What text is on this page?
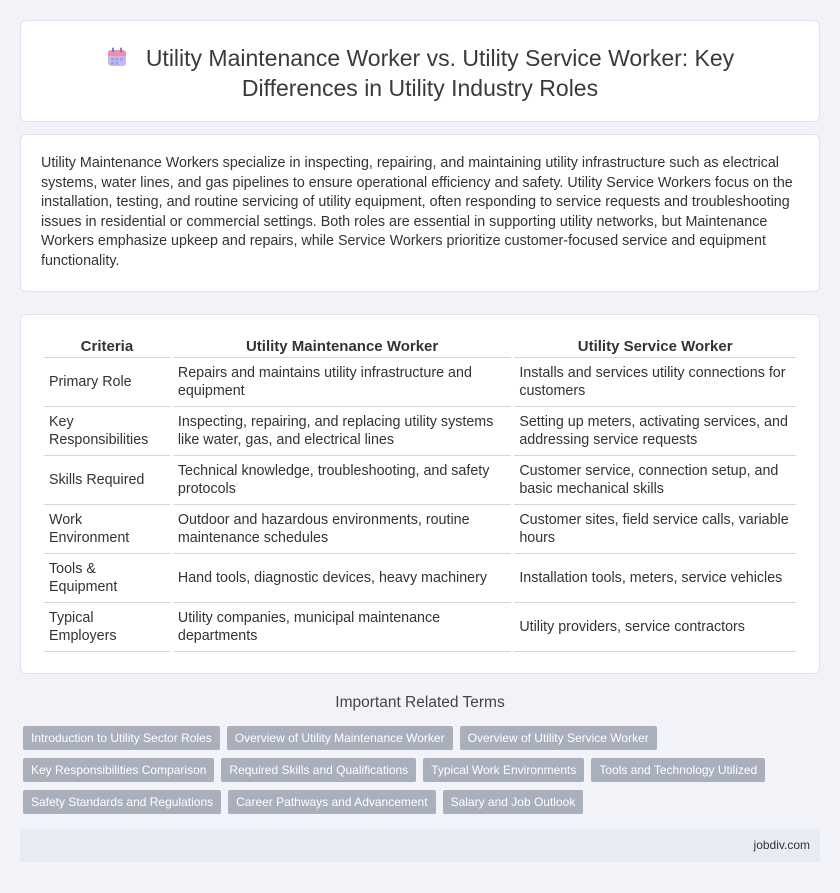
Utility Maintenance Worker vs. Utility Service Worker: Key Differences in Utility Industry Roles

Utility Maintenance Workers specialize in inspecting, repairing, and maintaining utility infrastructure such as electrical systems, water lines, and gas pipelines to ensure operational efficiency and safety. Utility Service Workers focus on the installation, testing, and routine servicing of utility equipment, often responding to service requests and troubleshooting issues in residential or commercial settings. Both roles are essential in supporting utility networks, but Maintenance Workers emphasize upkeep and repairs, while Service Workers prioritize customer-focused service and equipment functionality.

Criteria	Utility Maintenance Worker	Utility Service Worker
Primary Role	Repairs and maintains utility infrastructure and equipment	Installs and services utility connections for customers
Key Responsibilities	Inspecting, repairing, and replacing utility systems like water, gas, and electrical lines	Setting up meters, activating services, and addressing service requests
Skills Required	Technical knowledge, troubleshooting, and safety protocols	Customer service, connection setup, and basic mechanical skills
Work Environment	Outdoor and hazardous environments, routine maintenance schedules	Customer sites, field service calls, variable hours
Tools & Equipment	Hand tools, diagnostic devices, heavy machinery	Installation tools, meters, service vehicles
Typical Employers	Utility companies, municipal maintenance departments	Utility providers, service contractors
Important Related Terms
Introduction to Utility Sector Roles	Overview of Utility Maintenance Worker	Overview of Utility Service Worker
Key Responsibilities Comparison	Required Skills and Qualifications	Typical Work Environments	Tools and Technology Utilized
Safety Standards and Regulations	Career Pathways and Advancement	Salary and Job Outlook
jobdiv.com
